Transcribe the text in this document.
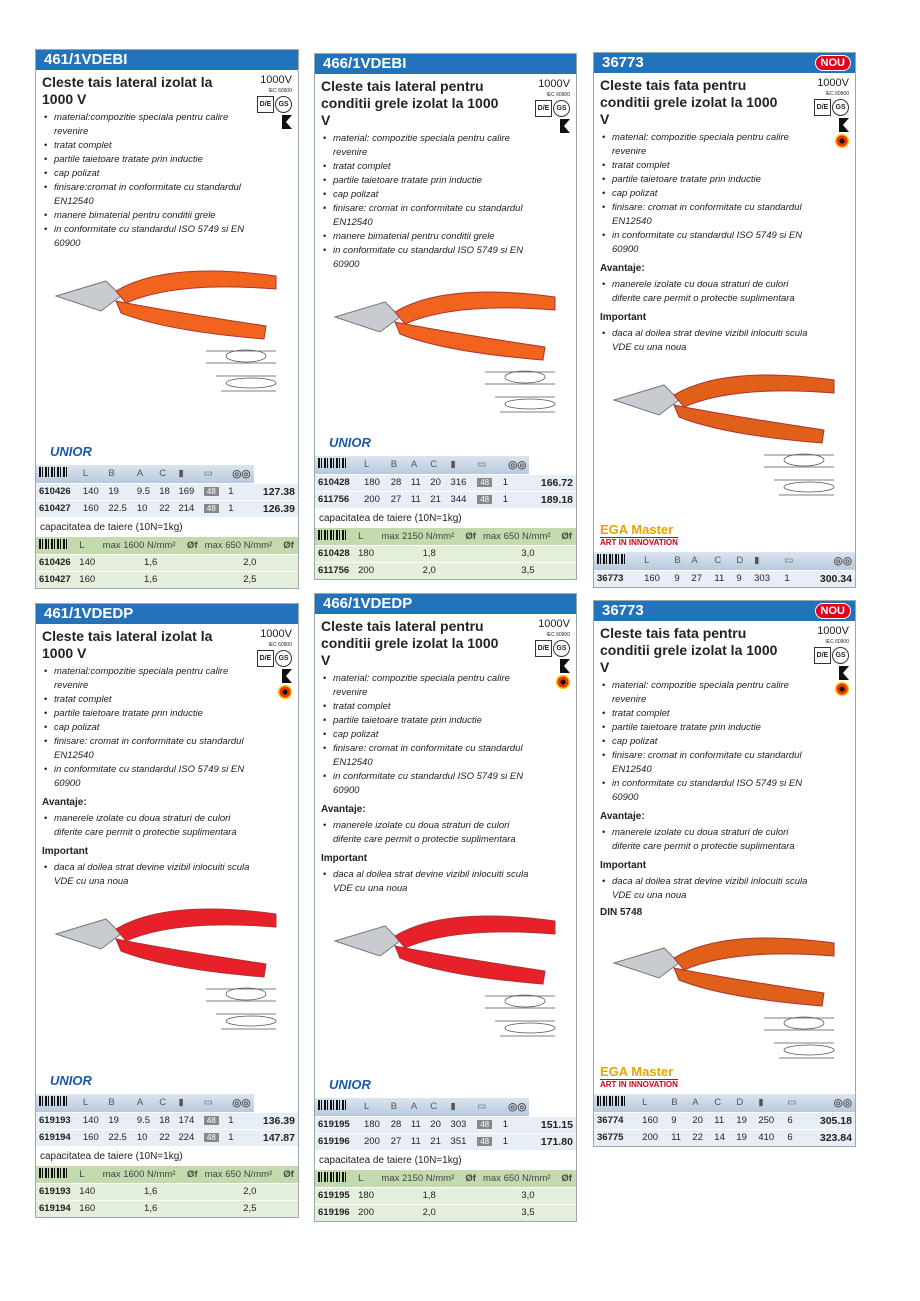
461/1VDEBI
Cleste tais lateral izolat la 1000 V
1000V
IEC 60900
D/E	GS
• material:compozitie speciala pentru calire revenire
• tratat complet
• partile taietoare tratate prin inductie
• cap polizat
• finisare:cromat in conformitate cu standardul EN12540
• manere bimaterial pentru conditii grele
• in conformitate cu standardul ISO 5749 si EN 60900
UNIOR
	L	B	A	C	▮	▭	◎◎	
610426	140	19	9.5	18	169	48	1	127.38
610427	160	22.5	10	22	214	48	1	126.39
capacitatea de taiere (10N=1kg)
	L	max 1600 N/mm²	Øf	max 650 N/mm²	Øf
610426	140	1,6		2,0	
610427	160	1,6		2,5	
466/1VDEBI
Cleste tais lateral pentru conditii grele izolat la 1000 V
1000V
IEC 60900
D/E	GS
• material: compozitie speciala pentru calire revenire
• tratat complet
• partile taietoare tratate prin inductie
• cap polizat
• finisare: cromat in conformitate cu standardul EN12540
• manere bimaterial pentru conditii grele
• in conformitate cu standardul ISO 5749 si EN 60900
UNIOR
	L	B	A	C	▮	▭	◎◎	
610428	180	28	11	20	316	48	1	166.72
611756	200	27	11	21	344	48	1	189.18
capacitatea de taiere (10N=1kg)
	L	max 2150 N/mm²	Øf	max 650 N/mm²	Øf
610428	180	1,8		3,0	
611756	200	2,0		3,5	
36773	NOU
Cleste tais fata pentru conditii grele izolat la 1000 V
1000V
IEC 60900
D/E	GS
• material: compozitie speciala pentru calire revenire
• tratat complet
• partile taietoare tratate prin inductie
• cap polizat
• finisare: cromat in conformitate cu standardul EN12540
• in conformitate cu standardul ISO 5749 si EN 60900
Avantaje:
• manerele izolate cu doua straturi de culori diferite care permit o protectie suplimentara
Important
• daca al doilea strat devine vizibil inlocuiti scula VDE cu una noua
EGA Master
ART IN INNOVATION
	L	B	A	C	D	▮	▭	◎◎
36773	160	9	27	11	9	303	1	300.34
461/1VDEDP
Cleste tais lateral izolat la 1000 V
1000V
IEC 60900
D/E	GS
• material:compozitie speciala pentru calire revenire
• tratat complet
• partile taietoare tratate prin inductie
• cap polizat
• finisare: cromat in conformitate cu standardul EN12540
• in conformitate cu standardul ISO 5749 si EN 60900
Avantaje:
• manerele izolate cu doua straturi de culori diferite care permit o protectie suplimentara
Important
• daca al doilea strat devine vizibil inlocuiti scula VDE cu una noua
UNIOR
	L	B	A	C	▮	▭	◎◎	
619193	140	19	9.5	18	174	48	1	136.39
619194	160	22.5	10	22	224	48	1	147.87
capacitatea de taiere (10N=1kg)
	L	max 1600 N/mm²	Øf	max 650 N/mm²	Øf
619193	140	1,6		2,0	
619194	160	1,6		2,5	
466/1VDEDP
Cleste tais lateral pentru conditii grele izolat la 1000 V
1000V
IEC 60900
D/E	GS
• material: compozitie speciala pentru calire revenire
• tratat complet
• partile taietoare tratate prin inductie
• cap polizat
• finisare: cromat in conformitate cu standardul EN12540
• in conformitate cu standardul ISO 5749 si EN 60900
Avantaje:
• manerele izolate cu doua straturi de culori diferite care permit o protectie suplimentara
Important
• daca al doilea strat devine vizibil inlocuiti scula VDE cu una noua
UNIOR
	L	B	A	C	▮	▭	◎◎	
619195	180	28	11	20	303	48	1	151.15
619196	200	27	11	21	351	48	1	171.80
capacitatea de taiere (10N=1kg)
	L	max 2150 N/mm²	Øf	max 650 N/mm²	Øf
619195	180	1,8		3,0	
619196	200	2,0		3,5	
36773	NOU
Cleste tais fata pentru conditii grele izolat la 1000 V
1000V
IEC 60900
D/E	GS
• material: compozitie speciala pentru calire revenire
• tratat complet
• partile taietoare tratate prin inductie
• cap polizat
• finisare: cromat in conformitate cu standardul EN12540
• in conformitate cu standardul ISO 5749 si EN 60900
Avantaje:
• manerele izolate cu doua straturi de culori diferite care permit o protectie suplimentara
Important
• daca al doilea strat devine vizibil inlocuiti scula VDE cu una noua
DIN 5748
EGA Master
ART IN INNOVATION
	L	B	A	C	D	▮	▭	◎◎
36774	160	9	20	11	19	250	6	305.18
36775	200	11	22	14	19	410	6	323.84
